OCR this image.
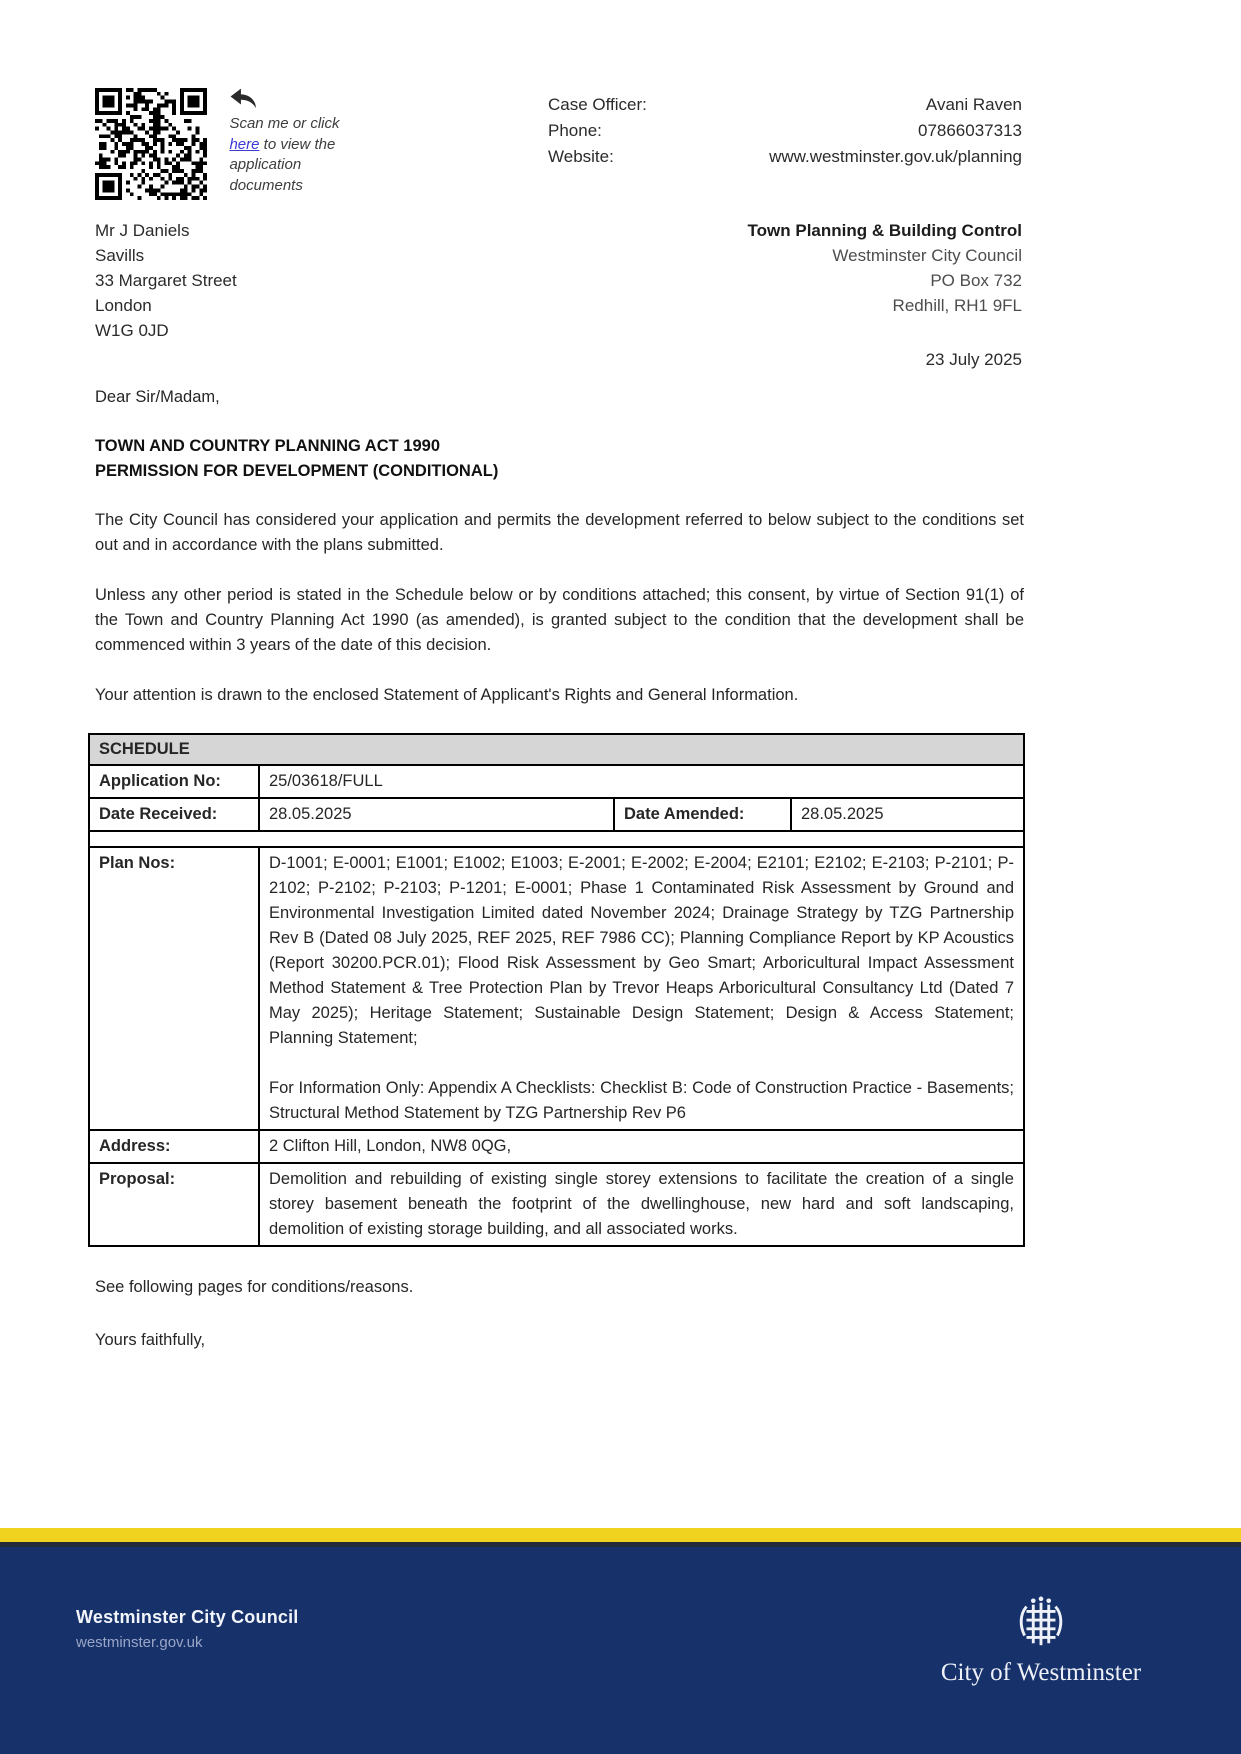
Scan me or click here to view the application documents
Case Officer:	Avani Raven
Phone:	07866037313
Website:	www.westminster.gov.uk/planning
Mr J Daniels
Savills
33 Margaret Street
London
W1G 0JD
Town Planning & Building Control
Westminster City Council
PO Box 732
Redhill, RH1 9FL
23 July 2025
Dear Sir/Madam,
TOWN AND COUNTRY PLANNING ACT 1990
PERMISSION FOR DEVELOPMENT (CONDITIONAL)

The City Council has considered your application and permits the development referred to below subject to the conditions set out and in accordance with the plans submitted.

Unless any other period is stated in the Schedule below or by conditions attached; this consent, by virtue of Section 91(1) of the Town and Country Planning Act 1990 (as amended), is granted subject to the condition that the development shall be commenced within 3 years of the date of this decision.

Your attention is drawn to the enclosed Statement of Applicant's Rights and General Information.

SCHEDULE			
Application No:	25/03618/FULL		
Date Received:	28.05.2025	Date Amended:	28.05.2025

Plan Nos:	D-1001; E-0001; E1001; E1002; E1003; E-2001; E-2002; E-2004; E2101; E2102; E-2103; P-2101; P-2102; P-2102; P-2103; P-1201; E-0001; Phase 1 Contaminated Risk Assessment by Ground and Environmental Investigation Limited dated November 2024; Drainage Strategy by TZG Partnership Rev B (Dated 08 July 2025, REF 2025, REF 7986 CC); Planning Compliance Report by KP Acoustics (Report 30200.PCR.01); Flood Risk Assessment by Geo Smart; Arboricultural Impact Assessment Method Statement & Tree Protection Plan by Trevor Heaps Arboricultural Consultancy Ltd (Dated 7 May 2025); Heritage Statement; Sustainable Design Statement; Design & Access Statement; Planning Statement;
For Information Only: Appendix A Checklists: Checklist B: Code of Construction Practice - Basements; Structural Method Statement by TZG Partnership Rev P6		

Address:	2 Clifton Hill, London, NW8 0QG,		
Proposal:	Demolition and rebuilding of existing single storey extensions to facilitate the creation of a single storey basement beneath the footprint of the dwellinghouse, new hard and soft landscaping, demolition of existing storage building, and all associated works.		
See following pages for conditions/reasons.
Yours faithfully,
Westminster City Council
westminster.gov.uk
City of Westminster
